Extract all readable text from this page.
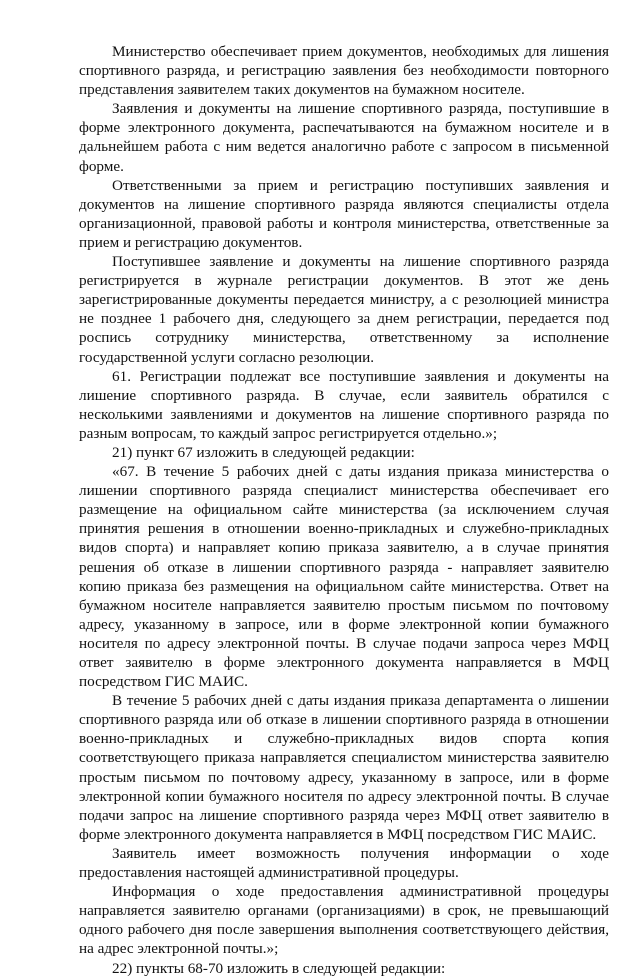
Министерство обеспечивает прием документов, необходимых для лишения спортивного разряда, и регистрацию заявления без необходимости повторного представления заявителем таких документов на бумажном носителе.

Заявления и документы на лишение спортивного разряда, поступившие в форме электронного документа, распечатываются на бумажном носителе и в дальнейшем работа с ним ведется аналогично работе с запросом в письменной форме.

Ответственными за прием и регистрацию поступивших заявления и документов на лишение спортивного разряда являются специалисты отдела организационной, правовой работы и контроля министерства, ответственные за прием и регистрацию документов.

Поступившее заявление и документы на лишение спортивного разряда регистрируется в журнале регистрации документов. В этот же день зарегистрированные документы передается министру, а с резолюцией министра не позднее 1 рабочего дня, следующего за днем регистрации, передается под роспись сотруднику министерства, ответственному за исполнение государственной услуги согласно резолюции.

61. Регистрации подлежат все поступившие заявления и документы на лишение спортивного разряда. В случае, если заявитель обратился с несколькими заявлениями и документов на лишение спортивного разряда по разным вопросам, то каждый запрос регистрируется отдельно.»;

21) пункт 67 изложить в следующей редакции:

«67. В течение 5 рабочих дней с даты издания приказа министерства о лишении спортивного разряда специалист министерства обеспечивает его размещение на официальном сайте министерства (за исключением случая принятия решения в отношении военно-прикладных и служебно-прикладных видов спорта) и направляет копию приказа заявителю, а в случае принятия решения об отказе в лишении спортивного разряда - направляет заявителю копию приказа без размещения на официальном сайте министерства. Ответ на бумажном носителе направляется заявителю простым письмом по почтовому адресу, указанному в запросе, или в форме электронной копии бумажного носителя по адресу электронной почты. В случае подачи запроса через МФЦ ответ заявителю в форме электронного документа направляется в МФЦ посредством ГИС МАИС.

В течение 5 рабочих дней с даты издания приказа департамента о лишении спортивного разряда или об отказе в лишении спортивного разряда в отношении военно-прикладных и служебно-прикладных видов спорта копия соответствующего приказа направляется специалистом министерства заявителю простым письмом по почтовому адресу, указанному в запросе, или в форме электронной копии бумажного носителя по адресу электронной почты. В случае подачи запрос на лишение спортивного разряда через МФЦ ответ заявителю в форме электронного документа направляется в МФЦ посредством ГИС МАИС.

Заявитель имеет возможность получения информации о ходе предоставления настоящей административной процедуры.

Информация о ходе предоставления административной процедуры направляется заявителю органами (организациями) в срок, не превышающий одного рабочего дня после завершения выполнения соответствующего действия, на адрес электронной почты.»;

22) пункты 68-70 изложить в следующей редакции:
